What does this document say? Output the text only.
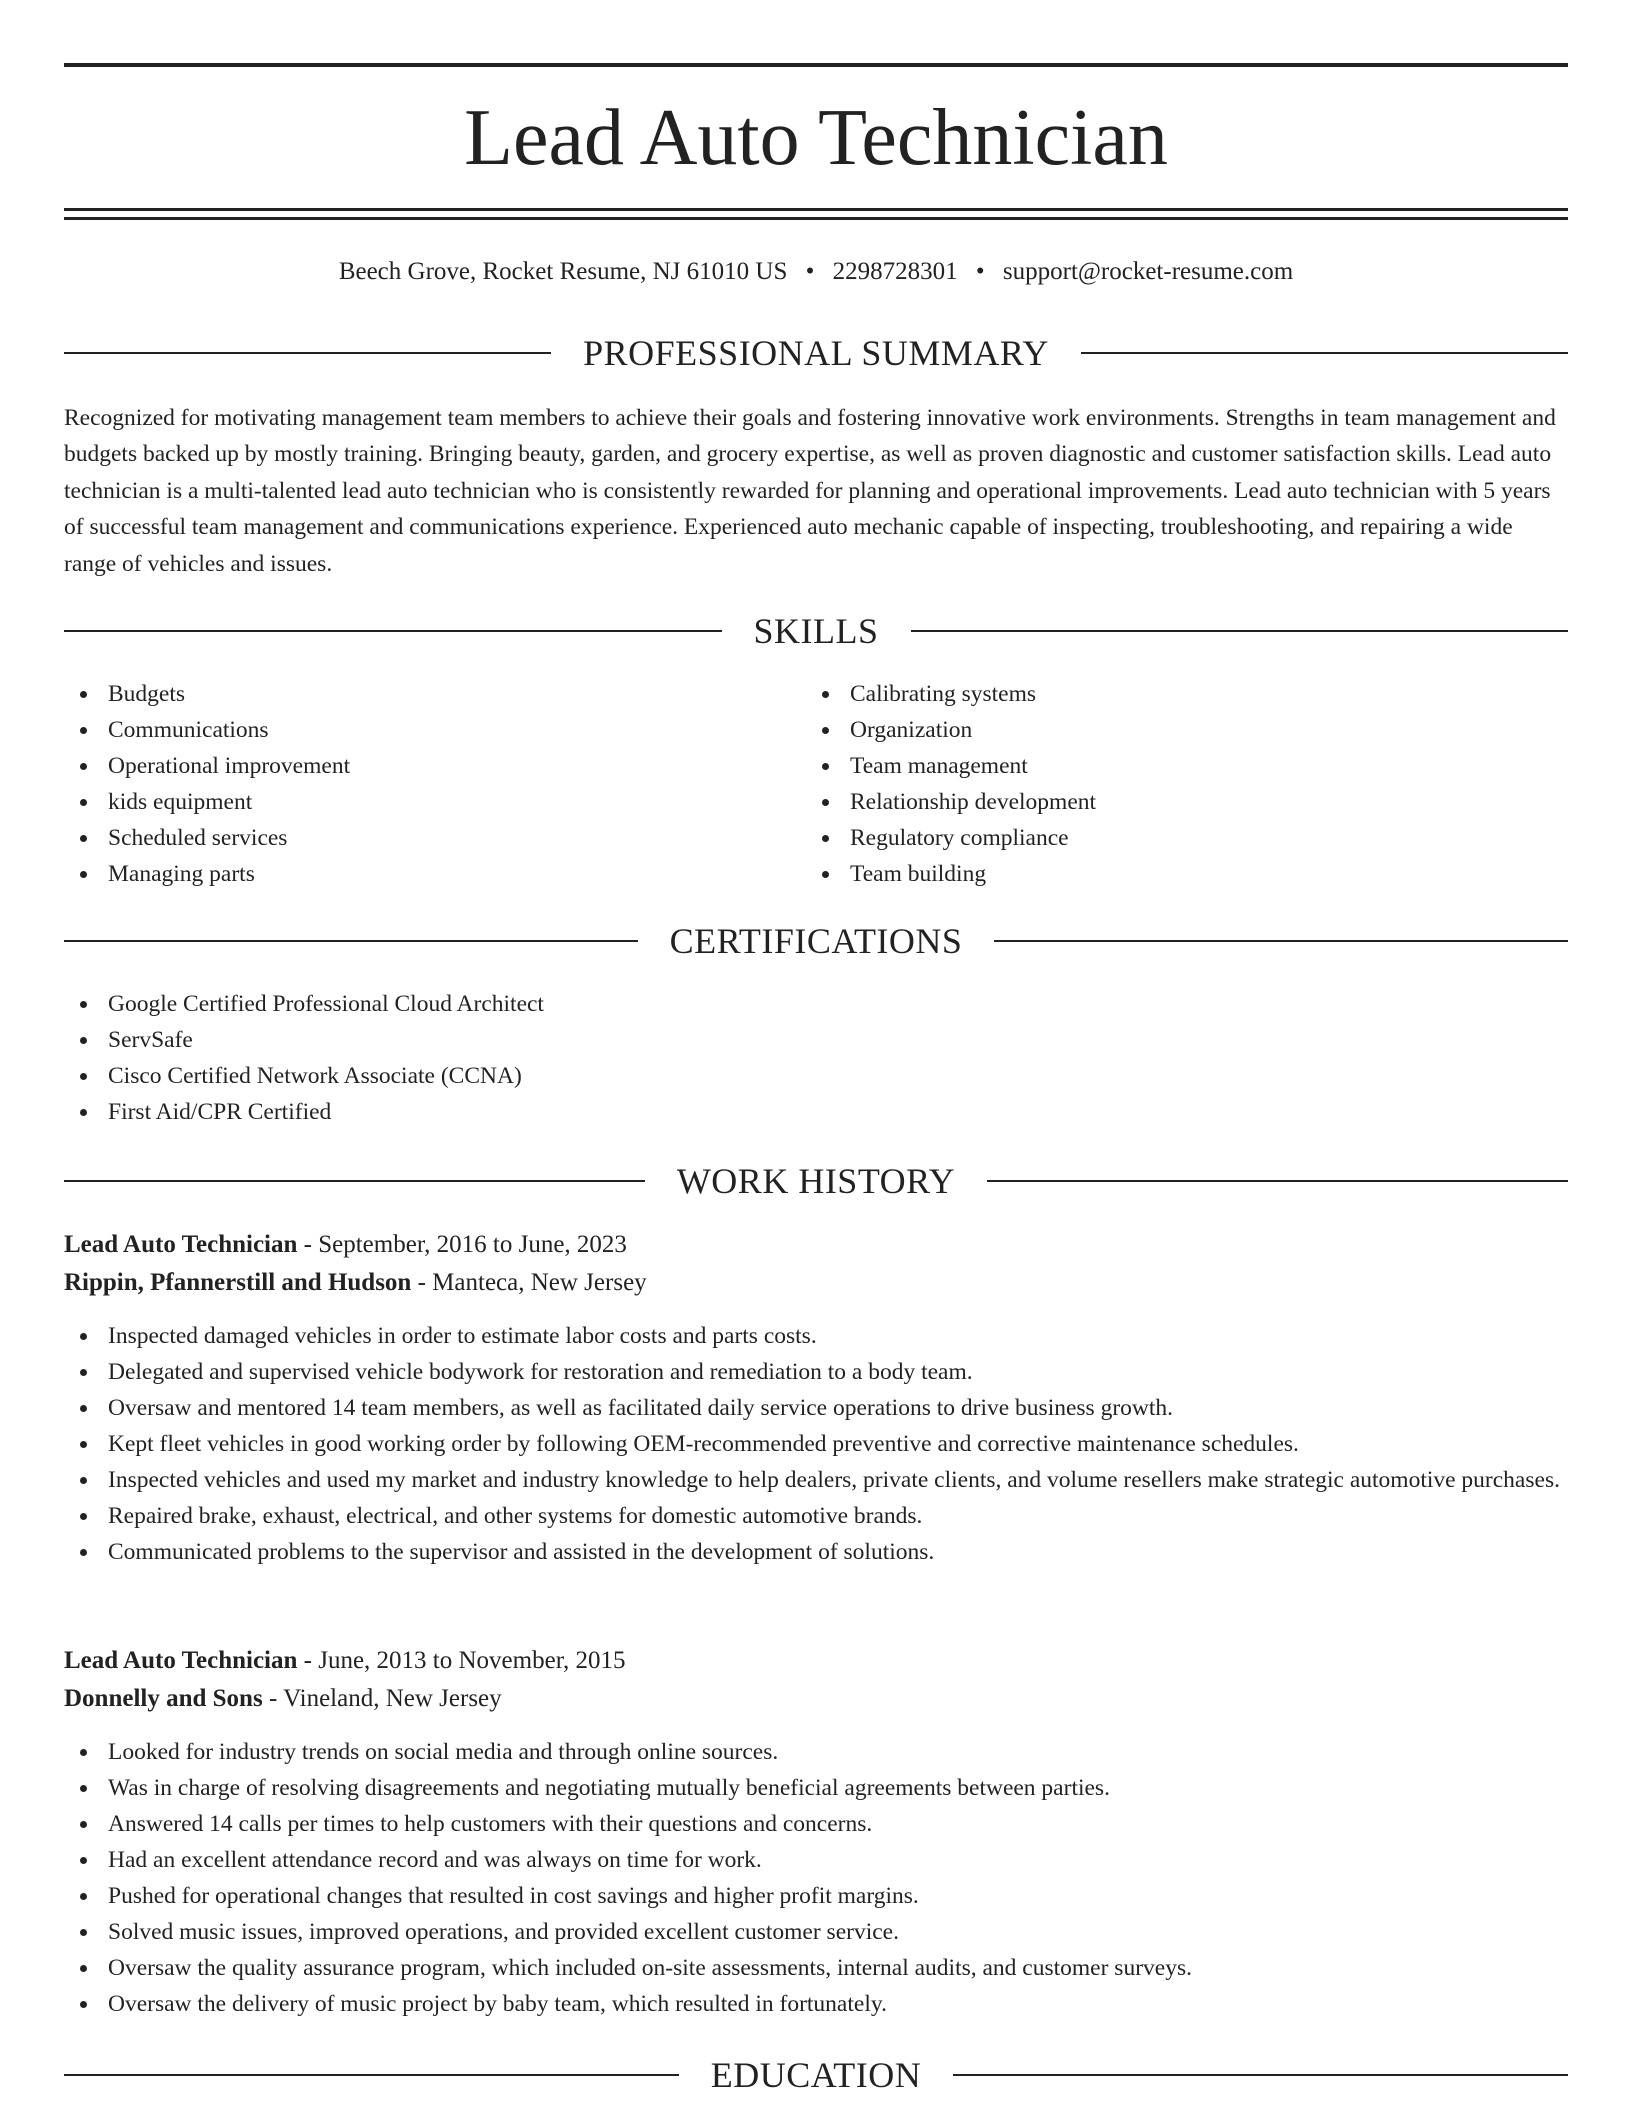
Lead Auto Technician
Beech Grove, Rocket Resume, NJ 61010 US • 2298728301 • support@rocket-resume.com
PROFESSIONAL SUMMARY

Recognized for motivating management team members to achieve their goals and fostering innovative work environments. Strengths in team management and budgets backed up by mostly training. Bringing beauty, garden, and grocery expertise, as well as proven diagnostic and customer satisfaction skills. Lead auto technician is a multi-talented lead auto technician who is consistently rewarded for planning and operational improvements. Lead auto technician with 5 years of successful team management and communications experience. Experienced auto mechanic capable of inspecting, troubleshooting, and repairing a wide range of vehicles and issues.

SKILLS
Budgets
Communications
Operational improvement
kids equipment
Scheduled services
Managing parts
Calibrating systems
Organization
Team management
Relationship development
Regulatory compliance
Team building
CERTIFICATIONS
Google Certified Professional Cloud Architect
ServSafe
Cisco Certified Network Associate (CCNA)
First Aid/CPR Certified
WORK HISTORY
Lead Auto Technician - September, 2016 to June, 2023
Rippin, Pfannerstill and Hudson - Manteca, New Jersey
Inspected damaged vehicles in order to estimate labor costs and parts costs.
Delegated and supervised vehicle bodywork for restoration and remediation to a body team.
Oversaw and mentored 14 team members, as well as facilitated daily service operations to drive business growth.
Kept fleet vehicles in good working order by following OEM-recommended preventive and corrective maintenance schedules.
Inspected vehicles and used my market and industry knowledge to help dealers, private clients, and volume resellers make strategic automotive purchases.
Repaired brake, exhaust, electrical, and other systems for domestic automotive brands.
Communicated problems to the supervisor and assisted in the development of solutions.
Lead Auto Technician - June, 2013 to November, 2015
Donnelly and Sons - Vineland, New Jersey
Looked for industry trends on social media and through online sources.
Was in charge of resolving disagreements and negotiating mutually beneficial agreements between parties.
Answered 14 calls per times to help customers with their questions and concerns.
Had an excellent attendance record and was always on time for work.
Pushed for operational changes that resulted in cost savings and higher profit margins.
Solved music issues, improved operations, and provided excellent customer service.
Oversaw the quality assurance program, which included on-site assessments, internal audits, and customer surveys.
Oversaw the delivery of music project by baby team, which resulted in fortunately.
EDUCATION
